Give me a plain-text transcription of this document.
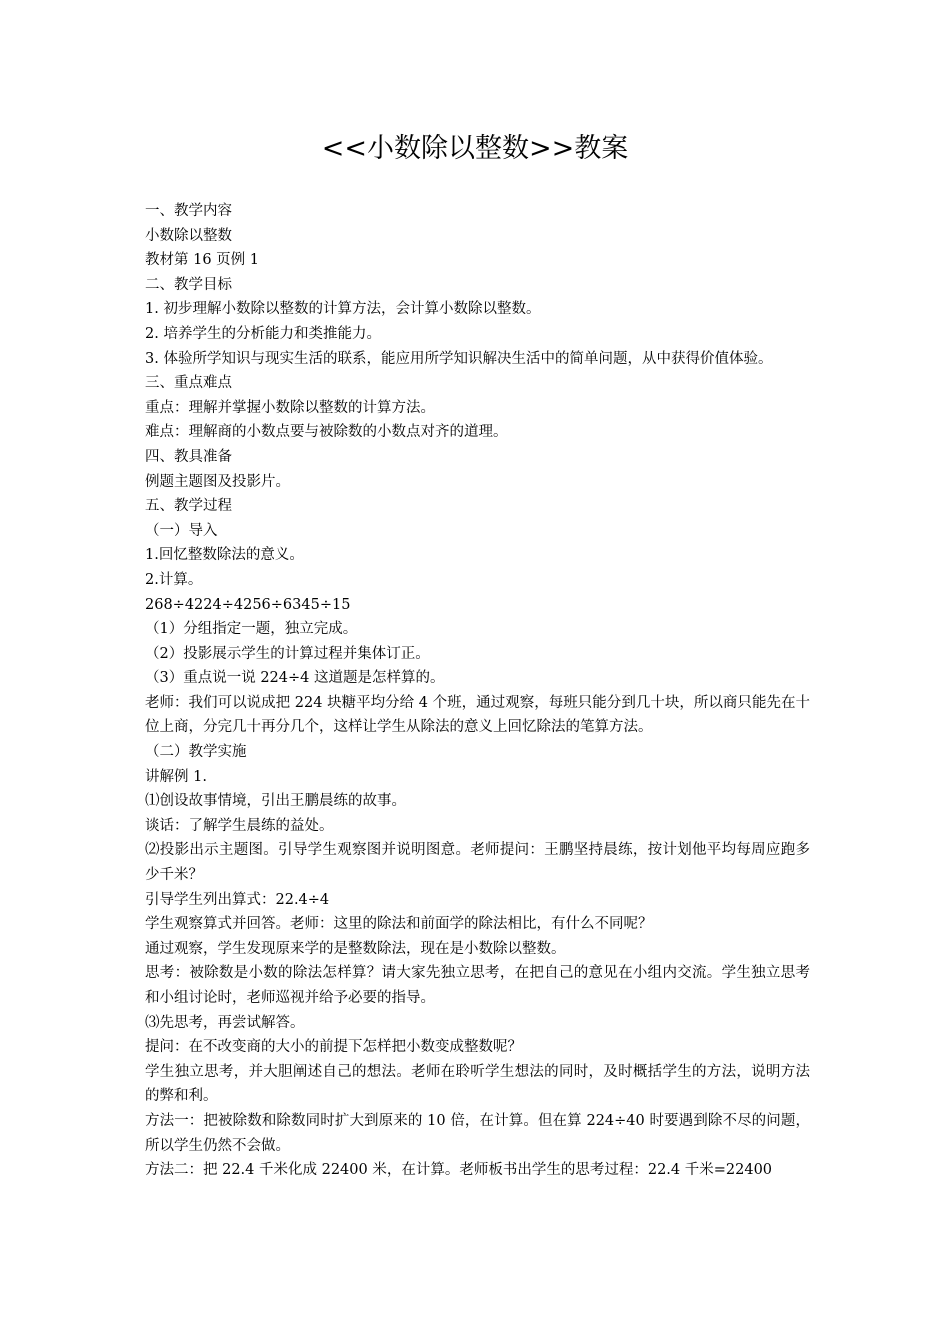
<<小数除以整数>>教案
一、教学内容
小数除以整数
教材第 16 页例 1
二、教学目标
1. 初步理解小数除以整数的计算方法，会计算小数除以整数。
2. 培养学生的分析能力和类推能力。
3. 体验所学知识与现实生活的联系，能应用所学知识解决生活中的简单问题，从中获得价值体验。
三、重点难点
重点：理解并掌握小数除以整数的计算方法。
难点：理解商的小数点要与被除数的小数点对齐的道理。
四、教具准备
例题主题图及投影片。
五、教学过程
（一）导入
1.回忆整数除法的意义。
2.计算。
268÷4224÷4256÷6345÷15
（1）分组指定一题，独立完成。
（2）投影展示学生的计算过程并集体订正。
（3）重点说一说 224÷4 这道题是怎样算的。
老师：我们可以说成把 224 块糖平均分给 4 个班，通过观察，每班只能分到几十块，所以商只能先在十位上商，分完几十再分几个，这样让学生从除法的意义上回忆除法的笔算方法。
（二）教学实施
讲解例 1.
⑴创设故事情境，引出王鹏晨练的故事。
谈话：了解学生晨练的益处。
⑵投影出示主题图。引导学生观察图并说明图意。老师提问：王鹏坚持晨练，按计划他平均每周应跑多少千米？
引导学生列出算式：22.4÷4
学生观察算式并回答。老师：这里的除法和前面学的除法相比，有什么不同呢？
通过观察，学生发现原来学的是整数除法，现在是小数除以整数。
思考：被除数是小数的除法怎样算？请大家先独立思考，在把自己的意见在小组内交流。学生独立思考和小组讨论时，老师巡视并给予必要的指导。
⑶先思考，再尝试解答。
提问：在不改变商的大小的前提下怎样把小数变成整数呢？
学生独立思考，并大胆阐述自己的想法。老师在聆听学生想法的同时，及时概括学生的方法，说明方法的弊和利。
方法一：把被除数和除数同时扩大到原来的 10 倍，在计算。但在算 224÷40 时要遇到除不尽的问题，所以学生仍然不会做。
方法二：把 22.4 千米化成 22400 米，在计算。老师板书出学生的思考过程：22.4 千米=22400
